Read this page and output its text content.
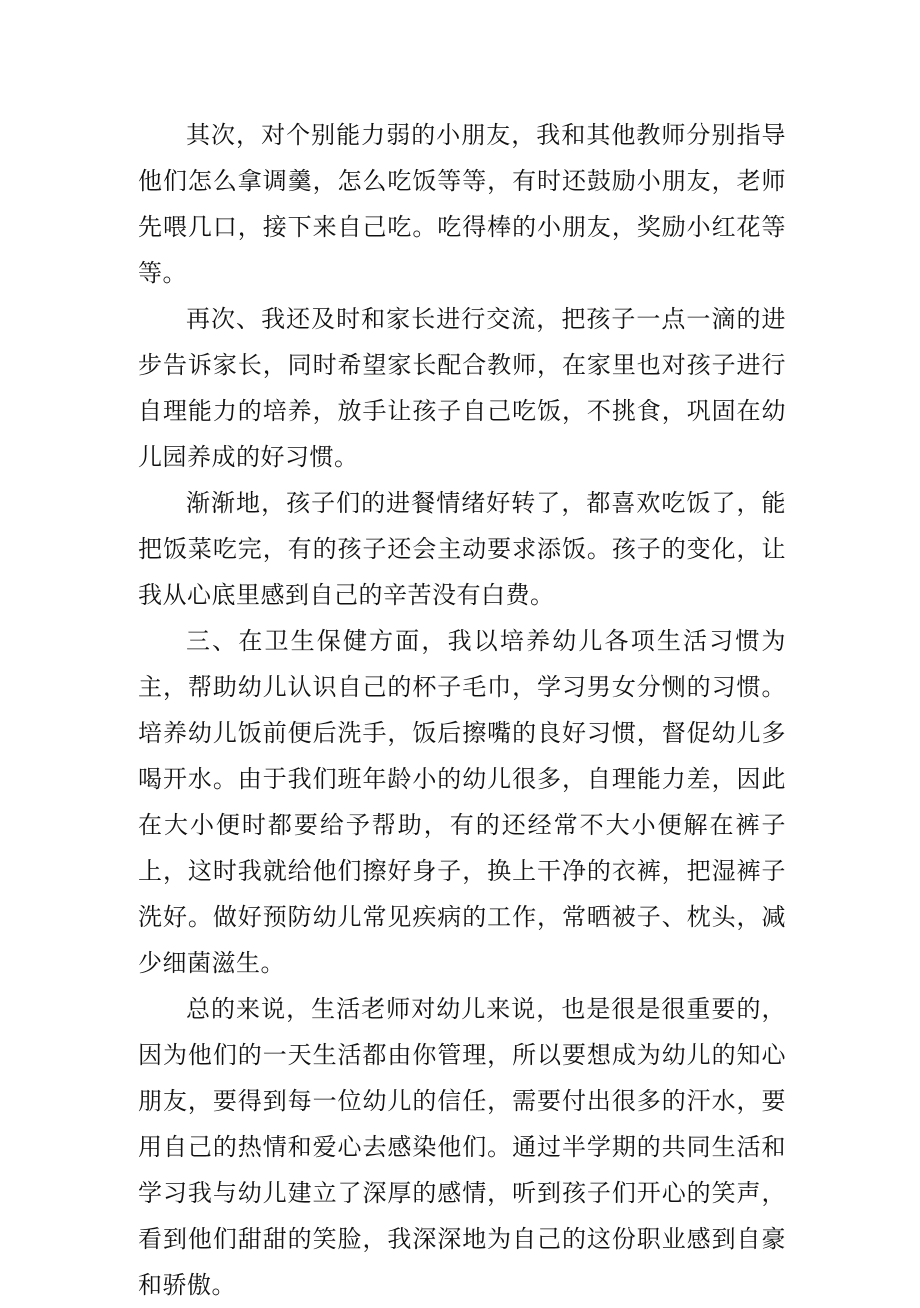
其次，对个别能力弱的小朋友，我和其他教师分别指导他们怎么拿调羹，怎么吃饭等等，有时还鼓励小朋友，老师先喂几口，接下来自己吃。吃得棒的小朋友，奖励小红花等等。

再次、我还及时和家长进行交流，把孩子一点一滴的进步告诉家长，同时希望家长配合教师，在家里也对孩子进行自理能力的培养，放手让孩子自己吃饭，不挑食，巩固在幼儿园养成的好习惯。

渐渐地，孩子们的进餐情绪好转了，都喜欢吃饭了，能把饭菜吃完，有的孩子还会主动要求添饭。孩子的变化，让我从心底里感到自己的辛苦没有白费。

三、在卫生保健方面，我以培养幼儿各项生活习惯为主，帮助幼儿认识自己的杯子毛巾，学习男女分恻的习惯。培养幼儿饭前便后洗手，饭后擦嘴的良好习惯，督促幼儿多喝开水。由于我们班年龄小的幼儿很多，自理能力差，因此在大小便时都要给予帮助，有的还经常不大小便解在裤子上，这时我就给他们擦好身子，换上干净的衣裤，把湿裤子洗好。做好预防幼儿常见疾病的工作，常晒被子、枕头，减少细菌滋生。

总的来说，生活老师对幼儿来说，也是很是很重要的，因为他们的一天生活都由你管理，所以要想成为幼儿的知心朋友，要得到每一位幼儿的信任，需要付出很多的汗水，要用自己的热情和爱心去感染他们。通过半学期的共同生活和学习我与幼儿建立了深厚的感情，听到孩子们开心的笑声，看到他们甜甜的笑脸，我深深地为自己的这份职业感到自豪和骄傲。
